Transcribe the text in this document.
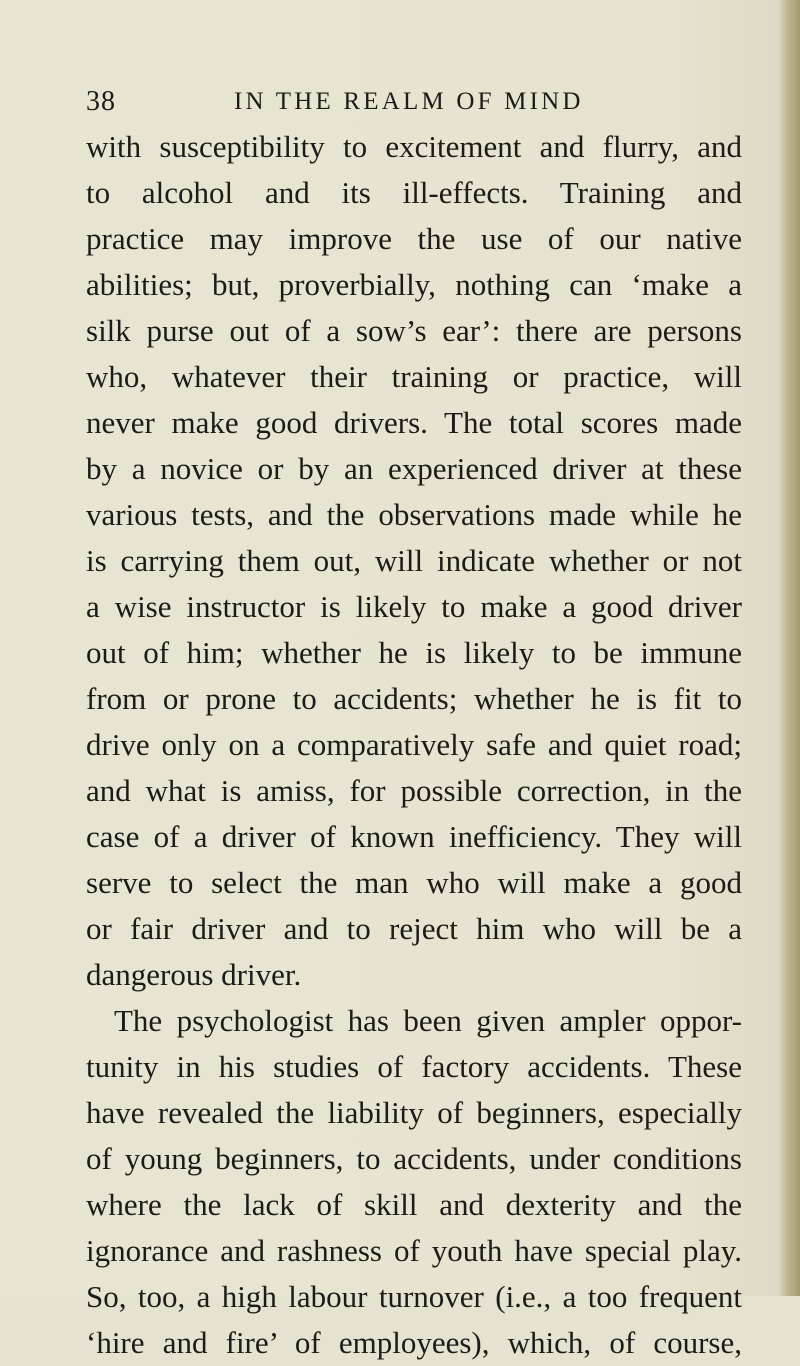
38	IN THE REALM OF MIND
with susceptibility to excitement and flurry, and
to alcohol and its ill-effects. Training and
practice may improve the use of our native
abilities; but, proverbially, nothing can ‘make a
silk purse out of a sow’s ear’: there are persons
who, whatever their training or practice, will
never make good drivers. The total scores made
by a novice or by an experienced driver at these
various tests, and the observations made while he
is carrying them out, will indicate whether or not
a wise instructor is likely to make a good driver
out of him; whether he is likely to be immune
from or prone to accidents; whether he is fit to
drive only on a comparatively safe and quiet road;
and what is amiss, for possible correction, in the
case of a driver of known inefficiency. They will
serve to select the man who will make a good
or fair driver and to reject him who will be a
dangerous driver.
The psychologist has been given ampler oppor-
tunity in his studies of factory accidents. These
have revealed the liability of beginners, especially
of young beginners, to accidents, under conditions
where the lack of skill and dexterity and the
ignorance and rashness of youth have special play.
So, too, a high labour turnover (i.e., a too frequent
‘hire and fire’ of employees), which, of course,
